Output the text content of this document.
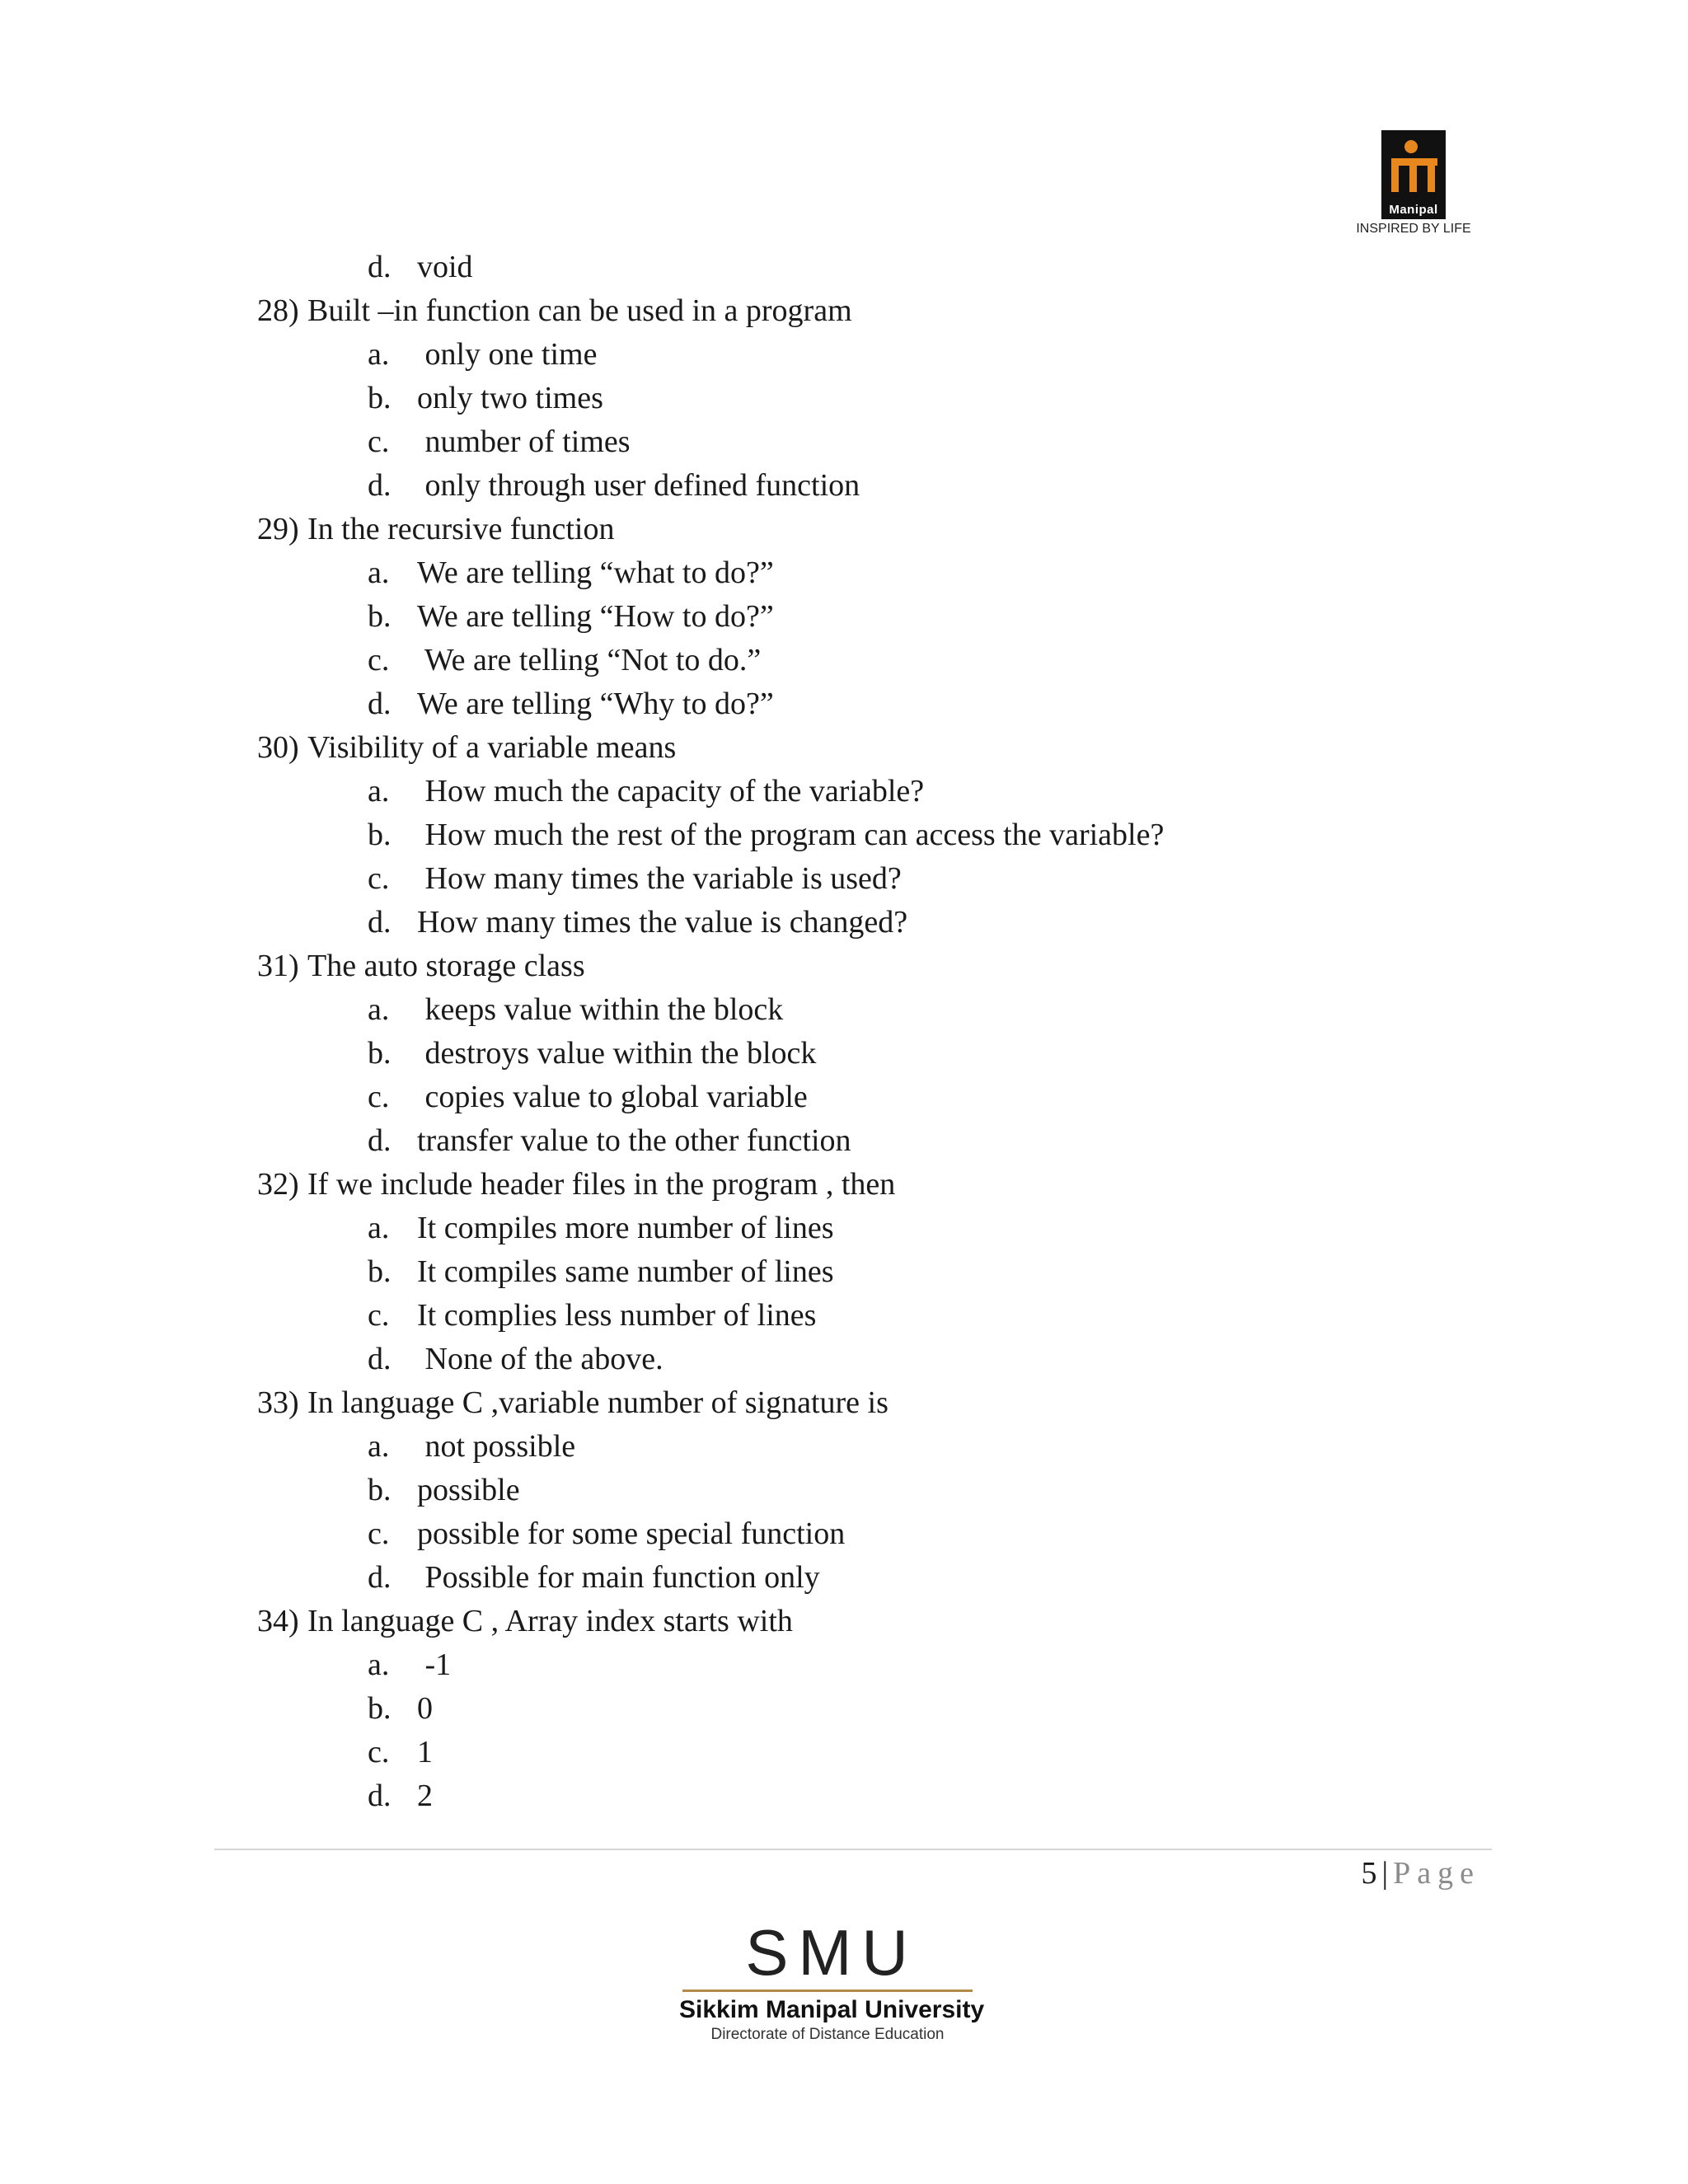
Manipal
INSPIRED BY LIFE
d. void
28) Built –in function can be used in a program
a. only one time
b. only two times
c. number of times
d. only through user defined function
29) In the recursive function
a. We are telling “what to do?”
b. We are telling “How to do?”
c. We are telling “Not to do.”
d. We are telling “Why to do?”
30) Visibility of a variable means
a. How much the capacity of the variable?
b. How much the rest of the program can access the variable?
c. How many times the variable is used?
d. How many times the value is changed?
31) The auto storage class
a. keeps value within the block
b. destroys value within the block
c. copies value to global variable
d. transfer value to the other function
32) If we include header files in the program , then
a. It compiles more number of lines
b. It compiles same number of lines
c. It complies less number of lines
d. None of the above.
33) In language C ,variable number of signature is
a. not possible
b. possible
c. possible for some special function
d. Possible for main function only
34) In language C , Array index starts with
a. -1
b. 0
c. 1
d. 2
5 | Page
SMU
Sikkim Manipal University
Directorate of Distance Education
